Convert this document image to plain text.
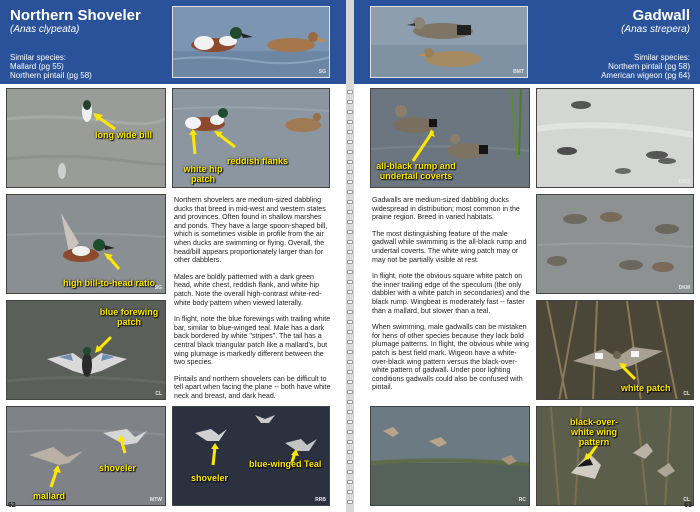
Northern Shoveler
(Anas clypeata)
Similar species:
Mallard (pg 55)
Northern pintail (pg 58)	SG
Gadwall
(Anas strepera)
Similar species:
Northern pintail (pg 58)
American wigeon (pg 64)
BMT
long wide bill
white hip patch
reddish flanks
high bill-to-head ratio SG
blue forewing patch
CL
shoveler
mallard	MTW
shoveler
blue-winged Teal
RRB

Northern shovelers are medium-sized dabbling ducks that breed in mid-west and western states and provinces. Often found in shallow marshes and ponds. They have a large spoon-shaped bill, which is sometimes visible in profile from the air when ducks are swimming or flying. Overall, the head/bill appears proportionately larger than for other dabblers.

Males are boldly patterned with a dark green head, white chest, reddish flank, and white hip patch. Note the overall high-contrast white-red-white body pattern when viewed laterally.

In flight, note the blue forewings with trailing white bar, similar to blue-winged teal. Male has a dark back bordered by white "stripes". The tail has a central black triangular patch like a mallard's, but wing plumage is markedly different between the two species.

Pintails and northern shovelers can be difficult to tell apart when facing the plane -- both have white neck and breast, and dark head.

62
all-black rump and undertail coverts
DBO
DKM
white patch
CL
RC
black-over-white wing pattern
CL

Gadwalls are medium-sized dabbling ducks widespread in distribution; most common in the prairie region. Breed in varied habitats.

The most distinguishing feature of the male gadwall while swimming is the all-black rump and undertail coverts. The white wing patch may or may not be partially visible at rest.

In flight, note the obvious square white patch on the inner trailing edge of the speculum (the only dabbler with a white patch in secondaries) and the black rump. Wingbeat is moderately fast -- faster than a mallard, but slower than a teal.

When swimming, male gadwalls can be mistaken for hens of other species because they lack bold plumage patterns. In flight, the obvious white wing patch is best field mark. Wigeon have a white-over-black wing pattern versus the black-over-white pattern of gadwall. Under poor lighting conditions gadwalls could also be confused with pintail.

63
